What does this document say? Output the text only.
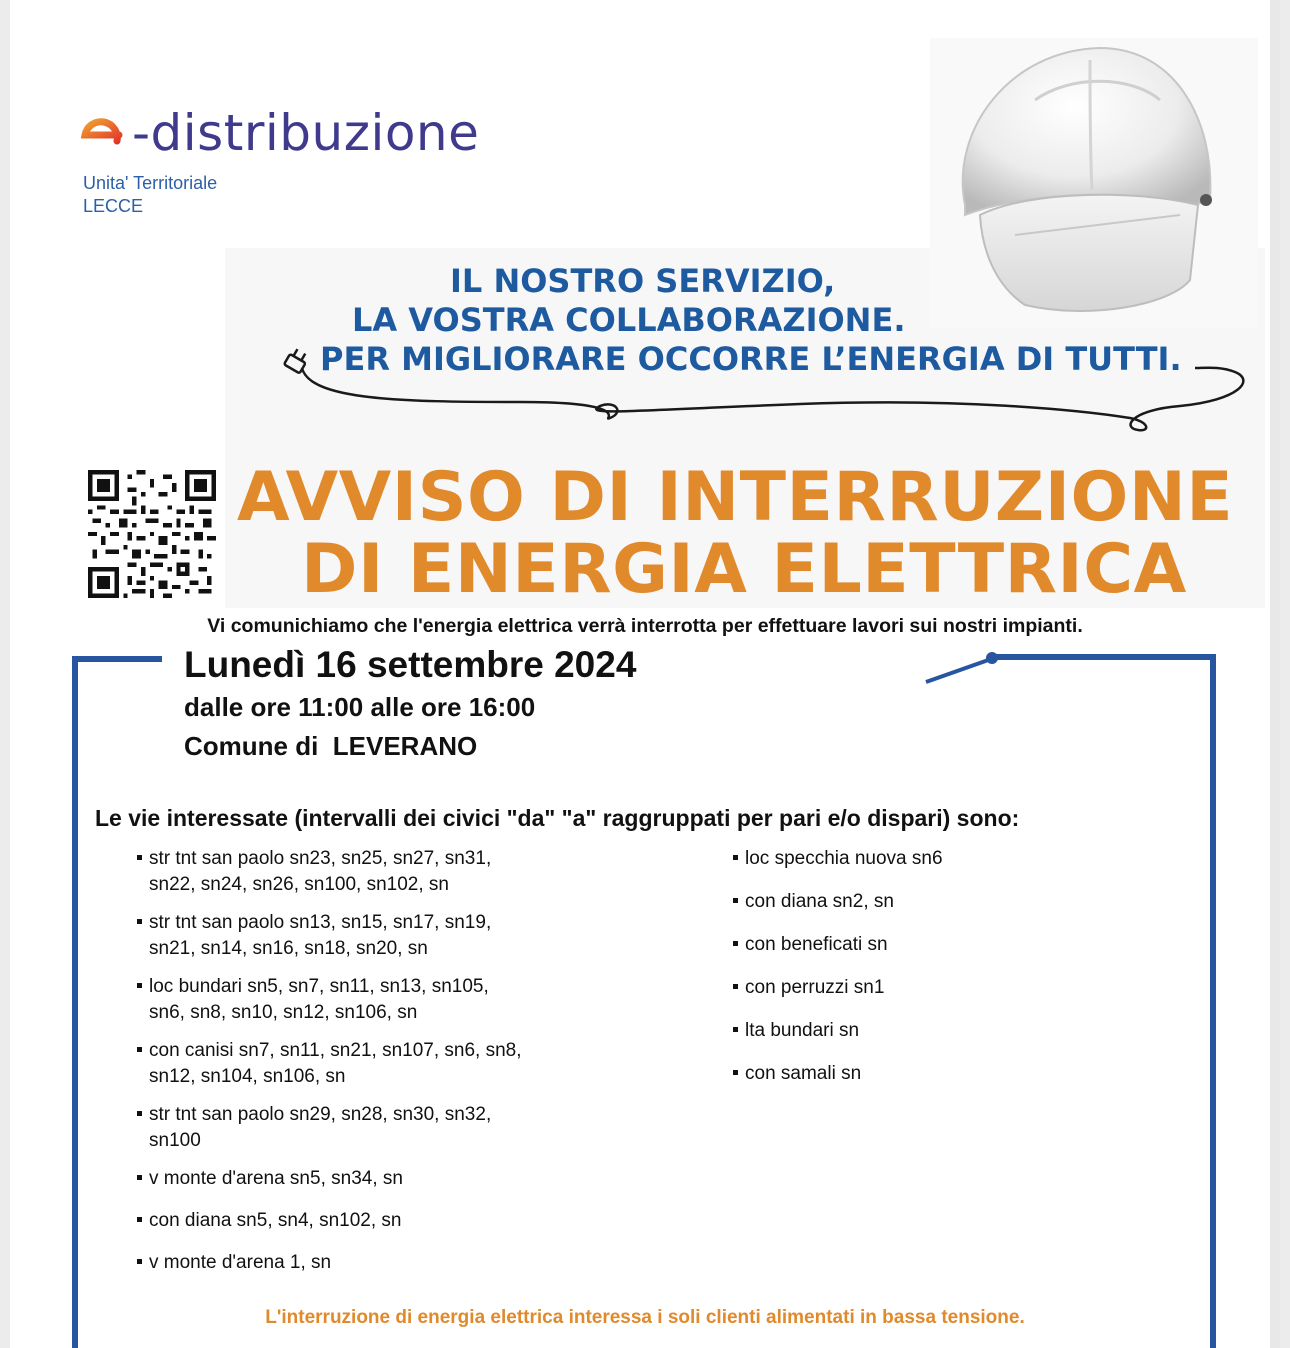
-distribuzione
Unita' Territoriale
LECCE
IL NOSTRO SERVIZIO,
LA VOSTRA COLLABORAZIONE.
PER MIGLIORARE OCCORRE L’ENERGIA DI TUTTI.
AVVISO DI INTERRUZIONE
DI ENERGIA ELETTRICA
Vi comunichiamo che l'energia elettrica verrà interrotta per effettuare lavori sui nostri impianti.
Lunedì 16 settembre 2024
dalle ore 11:00 alle ore 16:00
Comune di  LEVERANO
Le vie interessate (intervalli dei civici "da" "a" raggruppati per pari e/o dispari) sono:
str tnt san paolo sn23, sn25, sn27, sn31,
sn22, sn24, sn26, sn100, sn102, sn
str tnt san paolo sn13, sn15, sn17, sn19,
sn21, sn14, sn16, sn18, sn20, sn
loc bundari sn5, sn7, sn11, sn13, sn105,
sn6, sn8, sn10, sn12, sn106, sn
con canisi sn7, sn11, sn21, sn107, sn6, sn8,
sn12, sn104, sn106, sn
str tnt san paolo sn29, sn28, sn30, sn32,
sn100
v monte d'arena sn5, sn34, sn
con diana sn5, sn4, sn102, sn
v monte d'arena 1, sn
loc specchia nuova sn6
con diana sn2, sn
con beneficati sn
con perruzzi sn1
lta bundari sn
con samali sn
L'interruzione di energia elettrica interessa i soli clienti alimentati in bassa tensione.
